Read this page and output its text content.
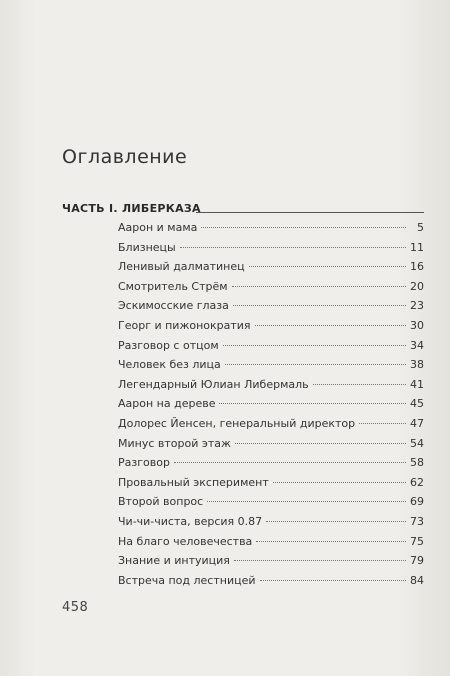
Оглавление
ЧАСТЬ I. ЛИБЕРКАЗА
Аарон и мама	5
Близнецы	11
Ленивый далматинец	16
Смотритель Стрём	20
Эскимосские глаза	23
Георг и пижонократия	30
Разговор с отцом	34
Человек без лица	38
Легендарный Юлиан Либермаль	41
Аарон на дереве	45
Долорес Йенсен, генеральный директор	47
Минус второй этаж	54
Разговор	58
Провальный эксперимент	62
Второй вопрос	69
Чи-чи-чиста, версия 0.87	73
На благо человечества	75
Знание и интуиция	79
Встреча под лестницей	84
458
